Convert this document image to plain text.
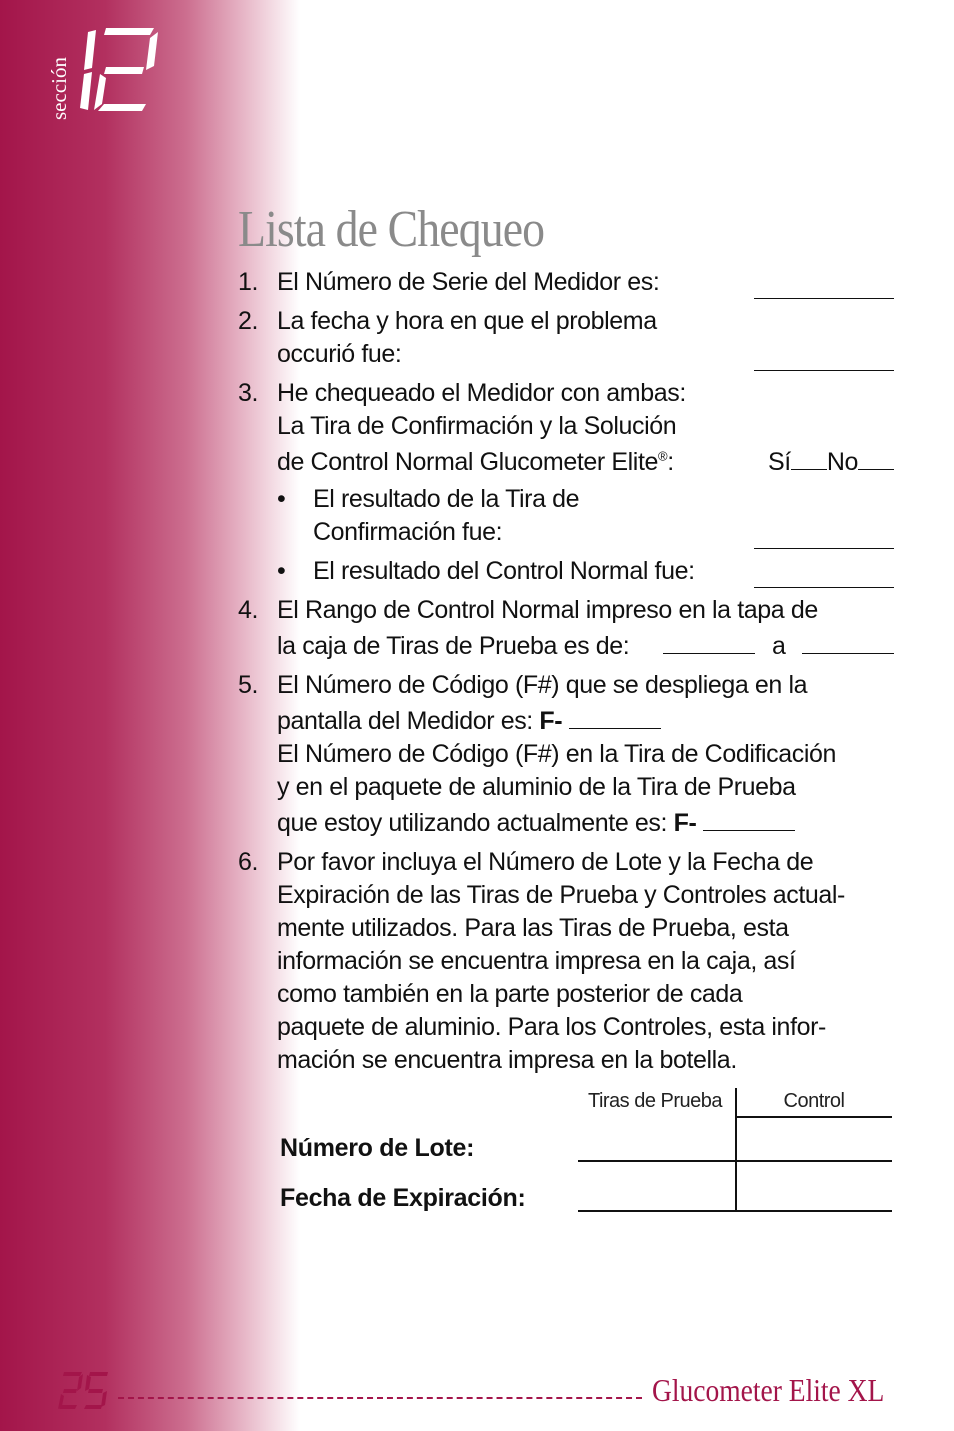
sección
Lista de Chequeo
1. El Número de Serie del Medidor es:
2. La fecha y hora en que el problema
occurió fue:
3. He chequeado el Medidor con ambas:
La Tira de Confirmación y la Solución
de Control Normal Glucometer Elite®:	Sí No
• El resultado de la Tira de
Confirmación fue:
• El resultado del Control Normal fue:
4. El Rango de Control Normal impreso en la tapa de
la caja de Tiras de Prueba es de:	a
5. El Número de Código (F#) que se despliega en la
pantalla del Medidor es: F-
El Número de Código (F#) en la Tira de Codificación
y en el paquete de aluminio de la Tira de Prueba
que estoy utilizando actualmente es: F-
6. Por favor incluya el Número de Lote y la Fecha de
Expiración de las Tiras de Prueba y Controles actual-
mente utilizados. Para las Tiras de Prueba, esta
información se encuentra impresa en la caja, así
como también en la parte posterior de cada
paquete de aluminio. Para los Controles, esta infor-
mación se encuentra impresa en la botella.
Tiras de Prueba	Control
Número de Lote:
Fecha de Expiración:

Glucometer Elite XL
